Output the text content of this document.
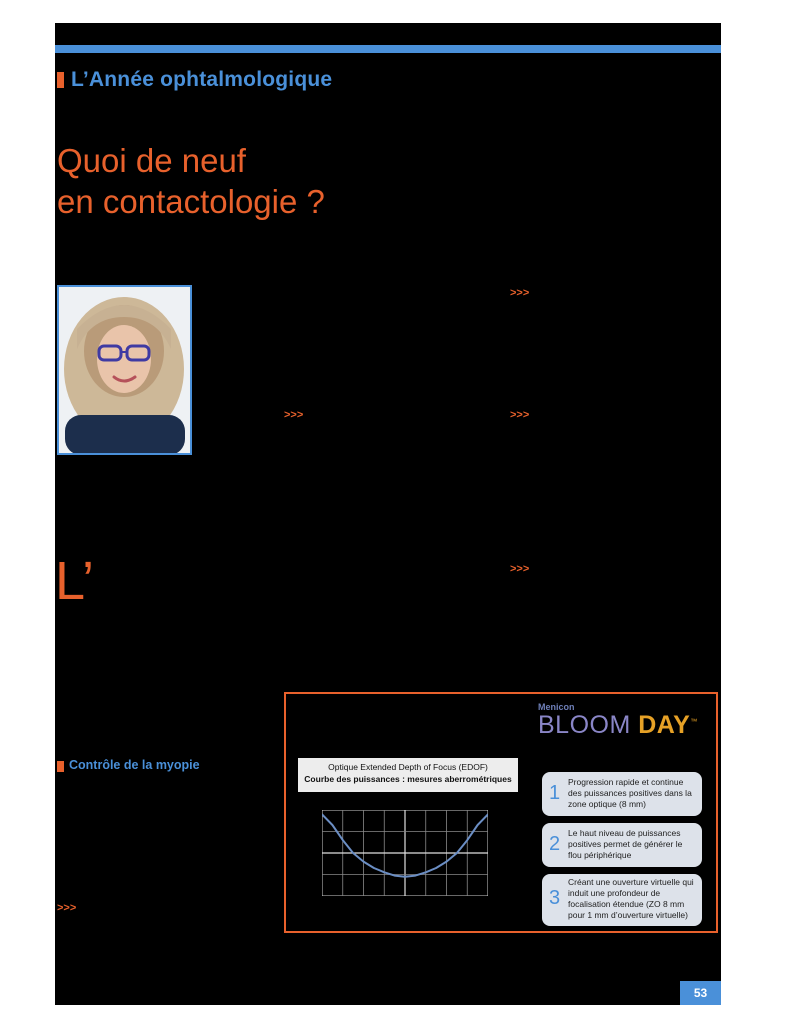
L’Année ophtalmologique
Quoi de neuf
en contactologie ?
>>>
>>>	>>>
>>>
>>>
L’
Contrôle de la myopie
Menicon
BLOOM DAY™
Optique Extended Depth of Focus (EDOF)
Courbe des puissances : mesures aberrométriques
1 Progression rapide et continue des puissances positives dans la zone optique (8 mm)
2 Le haut niveau de puissances positives permet de générer le flou périphérique
3
Créant une ouverture virtuelle qui induit une profondeur de focalisation étendue (ZO 8 mm pour 1 mm d’ouverture virtuelle)
53
